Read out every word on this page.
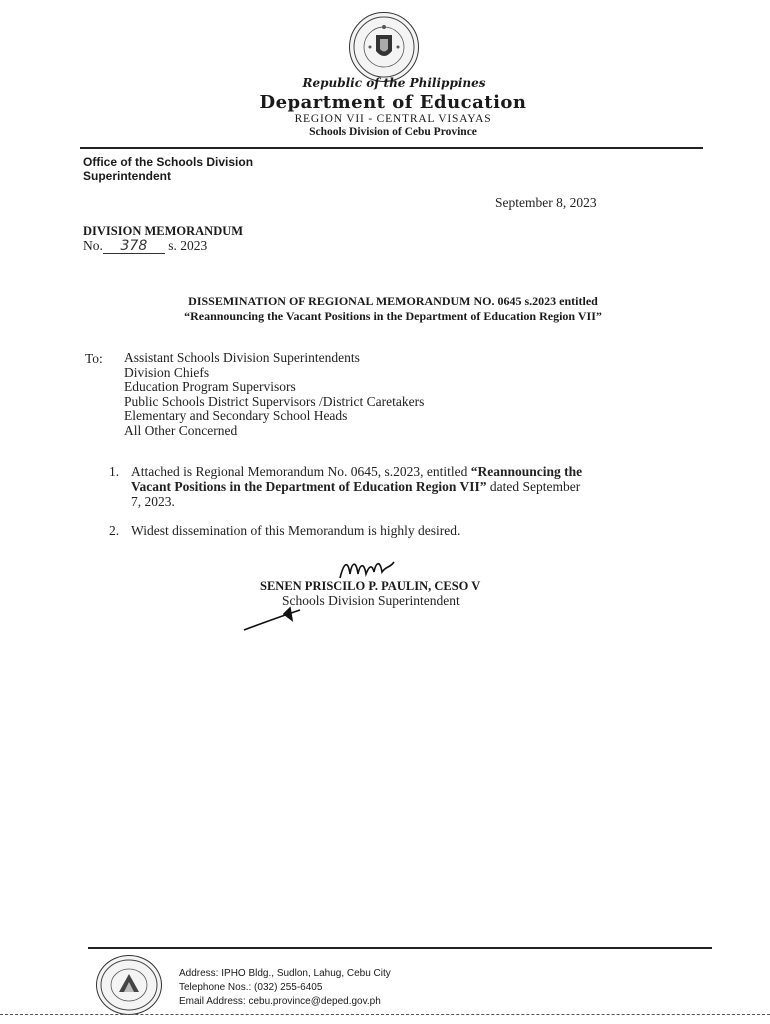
Republic of the Philippines
Department of Education
REGION VII - CENTRAL VISAYAS
Schools Division of Cebu Province
Office of the Schools Division
Superintendent
September 8, 2023
DIVISION MEMORANDUM
No. 378 s. 2023
DISSEMINATION OF REGIONAL MEMORANDUM NO. 0645 s.2023 entitled
“Reannouncing the Vacant Positions in the Department of Education Region VII”
To: Assistant Schools Division Superintendents
Division Chiefs
Education Program Supervisors
Public Schools District Supervisors /District Caretakers
Elementary and Secondary School Heads
All Other Concerned
1. Attached is Regional Memorandum No. 0645, s.2023, entitled “Reannouncing the
Vacant Positions in the Department of Education Region VII” dated September
7, 2023.
2. Widest dissemination of this Memorandum is highly desired.
SENEN PRISCILO P. PAULIN, CESO V
Schools Division Superintendent
Address: IPHO Bldg., Sudlon, Lahug, Cebu City
Telephone Nos.: (032) 255-6405
Email Address: cebu.province@deped.gov.ph
